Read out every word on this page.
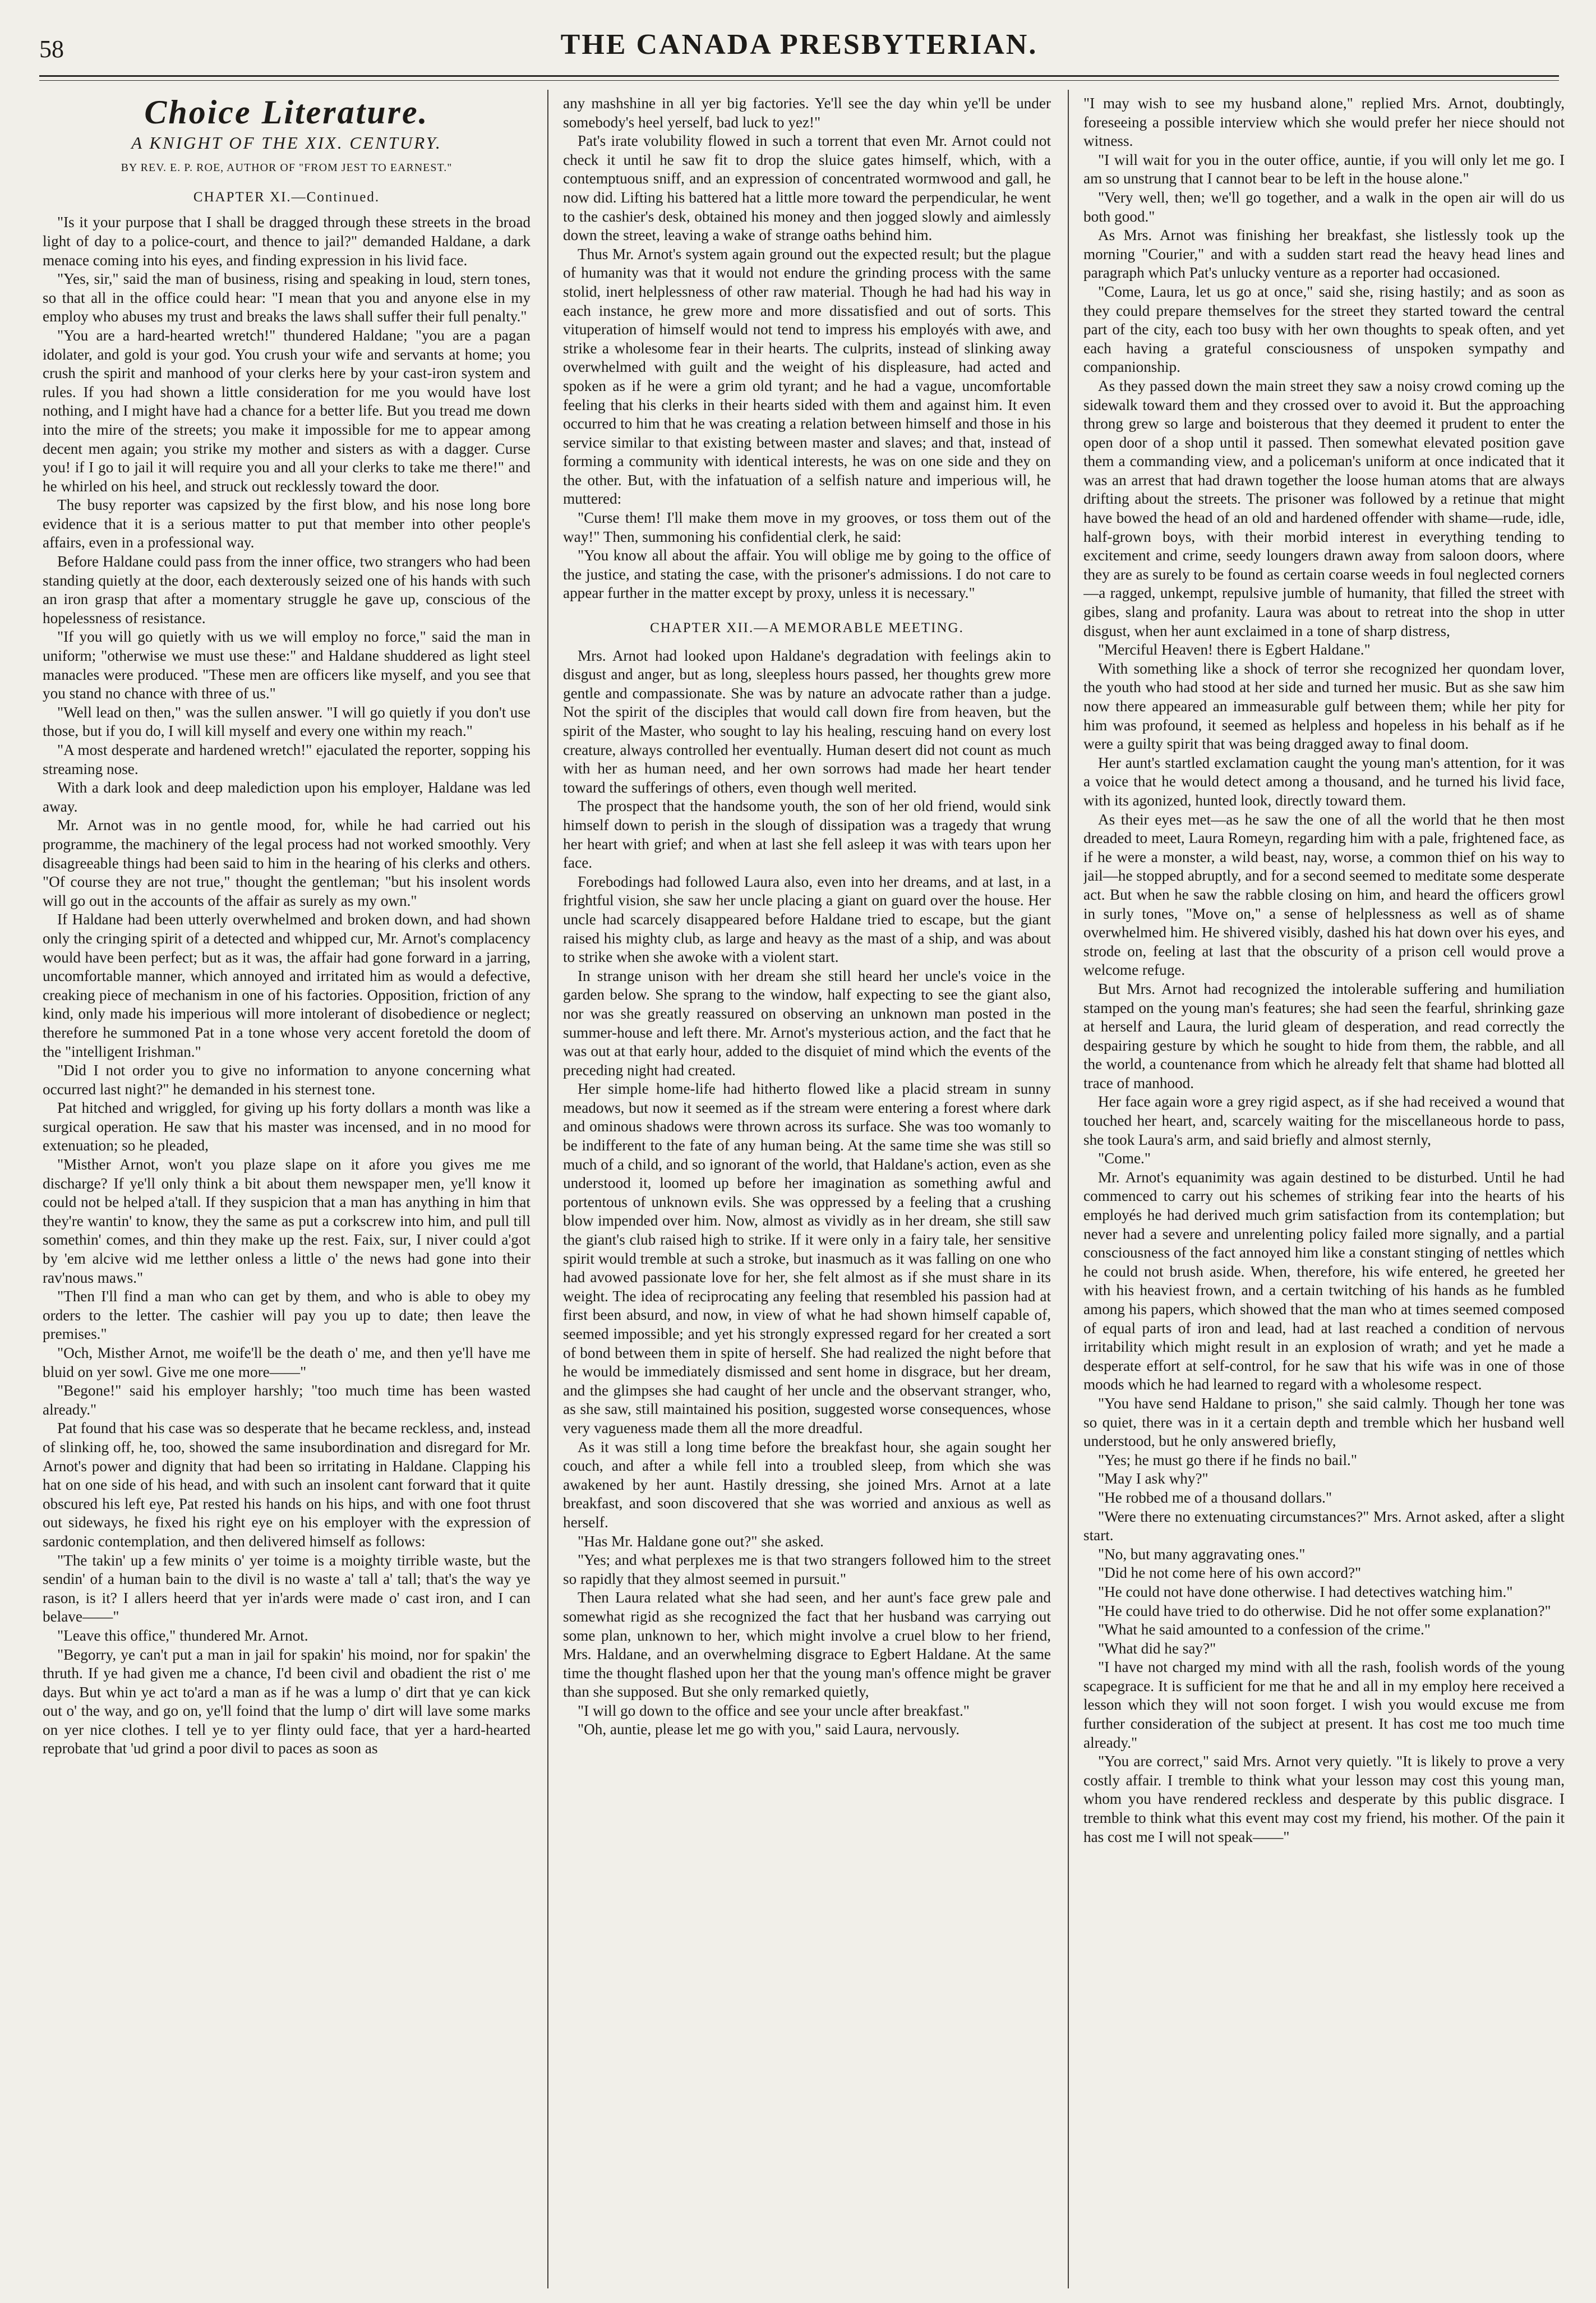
58	THE CANADA PRESBYTERIAN.
Choice Literature.
A KNIGHT OF THE XIX. CENTURY.
BY REV. E. P. ROE, AUTHOR OF "FROM JEST TO EARNEST."
CHAPTER XI.—Continued.

"Is it your purpose that I shall be dragged through these streets in the broad light of day to a police-court, and thence to jail?" demanded Haldane, a dark menace coming into his eyes, and finding expression in his livid face.

"Yes, sir," said the man of business, rising and speaking in loud, stern tones, so that all in the office could hear: "I mean that you and anyone else in my employ who abuses my trust and breaks the laws shall suffer their full penalty."

"You are a hard-hearted wretch!" thundered Haldane; "you are a pagan idolater, and gold is your god. You crush your wife and servants at home; you crush the spirit and manhood of your clerks here by your cast-iron system and rules. If you had shown a little consideration for me you would have lost nothing, and I might have had a chance for a better life. But you tread me down into the mire of the streets; you make it impossible for me to appear among decent men again; you strike my mother and sisters as with a dagger. Curse you! if I go to jail it will require you and all your clerks to take me there!" and he whirled on his heel, and struck out recklessly toward the door.

The busy reporter was capsized by the first blow, and his nose long bore evidence that it is a serious matter to put that member into other people's affairs, even in a professional way.

Before Haldane could pass from the inner office, two strangers who had been standing quietly at the door, each dexterously seized one of his hands with such an iron grasp that after a momentary struggle he gave up, conscious of the hopelessness of resistance.

"If you will go quietly with us we will employ no force," said the man in uniform; "otherwise we must use these:" and Haldane shuddered as light steel manacles were produced. "These men are officers like myself, and you see that you stand no chance with three of us."

"Well lead on then," was the sullen answer. "I will go quietly if you don't use those, but if you do, I will kill myself and every one within my reach."

"A most desperate and hardened wretch!" ejaculated the reporter, sopping his streaming nose.

With a dark look and deep malediction upon his employer, Haldane was led away.

Mr. Arnot was in no gentle mood, for, while he had carried out his programme, the machinery of the legal process had not worked smoothly. Very disagreeable things had been said to him in the hearing of his clerks and others. "Of course they are not true," thought the gentleman; "but his insolent words will go out in the accounts of the affair as surely as my own."

If Haldane had been utterly overwhelmed and broken down, and had shown only the cringing spirit of a detected and whipped cur, Mr. Arnot's complacency would have been perfect; but as it was, the affair had gone forward in a jarring, uncomfortable manner, which annoyed and irritated him as would a defective, creaking piece of mechanism in one of his factories. Opposition, friction of any kind, only made his imperious will more intolerant of disobedience or neglect; therefore he summoned Pat in a tone whose very accent foretold the doom of the "intelligent Irishman."

"Did I not order you to give no information to anyone concerning what occurred last night?" he demanded in his sternest tone.

Pat hitched and wriggled, for giving up his forty dollars a month was like a surgical operation. He saw that his master was incensed, and in no mood for extenuation; so he pleaded,

"Misther Arnot, won't you plaze slape on it afore you gives me me discharge? If ye'll only think a bit about them newspaper men, ye'll know it could not be helped a'tall. If they suspicion that a man has anything in him that they're wantin' to know, they the same as put a corkscrew into him, and pull till somethin' comes, and thin they make up the rest. Faix, sur, I niver could a'got by 'em alcive wid me letther onless a little o' the news had gone into their rav'nous maws."

"Then I'll find a man who can get by them, and who is able to obey my orders to the letter. The cashier will pay you up to date; then leave the premises."

"Och, Misther Arnot, me woife'll be the death o' me, and then ye'll have me bluid on yer sowl. Give me one more——"

"Begone!" said his employer harshly; "too much time has been wasted already."

Pat found that his case was so desperate that he became reckless, and, instead of slinking off, he, too, showed the same insubordination and disregard for Mr. Arnot's power and dignity that had been so irritating in Haldane. Clapping his hat on one side of his head, and with such an insolent cant forward that it quite obscured his left eye, Pat rested his hands on his hips, and with one foot thrust out sideways, he fixed his right eye on his employer with the expression of sardonic contemplation, and then delivered himself as follows:

"The takin' up a few minits o' yer toime is a moighty tirrible waste, but the sendin' of a human bain to the divil is no waste a' tall a' tall; that's the way ye rason, is it? I allers heerd that yer in'ards were made o' cast iron, and I can belave——"

"Leave this office," thundered Mr. Arnot.

"Begorry, ye can't put a man in jail for spakin' his moind, nor for spakin' the thruth. If ye had given me a chance, I'd been civil and obadient the rist o' me days. But whin ye act to'ard a man as if he was a lump o' dirt that ye can kick out o' the way, and go on, ye'll foind that the lump o' dirt will lave some marks on yer nice clothes. I tell ye to yer flinty ould face, that yer a hard-hearted reprobate that 'ud grind a poor divil to paces as soon as

any mashshine in all yer big factories. Ye'll see the day whin ye'll be under somebody's heel yerself, bad luck to yez!"

Pat's irate volubility flowed in such a torrent that even Mr. Arnot could not check it until he saw fit to drop the sluice gates himself, which, with a contemptuous sniff, and an expression of concentrated wormwood and gall, he now did. Lifting his battered hat a little more toward the perpendicular, he went to the cashier's desk, obtained his money and then jogged slowly and aimlessly down the street, leaving a wake of strange oaths behind him.

Thus Mr. Arnot's system again ground out the expected result; but the plague of humanity was that it would not endure the grinding process with the same stolid, inert helplessness of other raw material. Though he had had his way in each instance, he grew more and more dissatisfied and out of sorts. This vituperation of himself would not tend to impress his employés with awe, and strike a wholesome fear in their hearts. The culprits, instead of slinking away overwhelmed with guilt and the weight of his displeasure, had acted and spoken as if he were a grim old tyrant; and he had a vague, uncomfortable feeling that his clerks in their hearts sided with them and against him. It even occurred to him that he was creating a relation between himself and those in his service similar to that existing between master and slaves; and that, instead of forming a community with identical interests, he was on one side and they on the other. But, with the infatuation of a selfish nature and imperious will, he muttered:

"Curse them! I'll make them move in my grooves, or toss them out of the way!" Then, summoning his confidential clerk, he said:

"You know all about the affair. You will oblige me by going to the office of the justice, and stating the case, with the prisoner's admissions. I do not care to appear further in the matter except by proxy, unless it is necessary."

CHAPTER XII.—A MEMORABLE MEETING.

Mrs. Arnot had looked upon Haldane's degradation with feelings akin to disgust and anger, but as long, sleepless hours passed, her thoughts grew more gentle and compassionate. She was by nature an advocate rather than a judge. Not the spirit of the disciples that would call down fire from heaven, but the spirit of the Master, who sought to lay his healing, rescuing hand on every lost creature, always controlled her eventually. Human desert did not count as much with her as human need, and her own sorrows had made her heart tender toward the sufferings of others, even though well merited.

The prospect that the handsome youth, the son of her old friend, would sink himself down to perish in the slough of dissipation was a tragedy that wrung her heart with grief; and when at last she fell asleep it was with tears upon her face.

Forebodings had followed Laura also, even into her dreams, and at last, in a frightful vision, she saw her uncle placing a giant on guard over the house. Her uncle had scarcely disappeared before Haldane tried to escape, but the giant raised his mighty club, as large and heavy as the mast of a ship, and was about to strike when she awoke with a violent start.

In strange unison with her dream she still heard her uncle's voice in the garden below. She sprang to the window, half expecting to see the giant also, nor was she greatly reassured on observing an unknown man posted in the summer-house and left there. Mr. Arnot's mysterious action, and the fact that he was out at that early hour, added to the disquiet of mind which the events of the preceding night had created.

Her simple home-life had hitherto flowed like a placid stream in sunny meadows, but now it seemed as if the stream were entering a forest where dark and ominous shadows were thrown across its surface. She was too womanly to be indifferent to the fate of any human being. At the same time she was still so much of a child, and so ignorant of the world, that Haldane's action, even as she understood it, loomed up before her imagination as something awful and portentous of unknown evils. She was oppressed by a feeling that a crushing blow impended over him. Now, almost as vividly as in her dream, she still saw the giant's club raised high to strike. If it were only in a fairy tale, her sensitive spirit would tremble at such a stroke, but inasmuch as it was falling on one who had avowed passionate love for her, she felt almost as if she must share in its weight. The idea of reciprocating any feeling that resembled his passion had at first been absurd, and now, in view of what he had shown himself capable of, seemed impossible; and yet his strongly expressed regard for her created a sort of bond between them in spite of herself. She had realized the night before that he would be immediately dismissed and sent home in disgrace, but her dream, and the glimpses she had caught of her uncle and the observant stranger, who, as she saw, still maintained his position, suggested worse consequences, whose very vagueness made them all the more dreadful.

As it was still a long time before the breakfast hour, she again sought her couch, and after a while fell into a troubled sleep, from which she was awakened by her aunt. Hastily dressing, she joined Mrs. Arnot at a late breakfast, and soon discovered that she was worried and anxious as well as herself.

"Has Mr. Haldane gone out?" she asked.

"Yes; and what perplexes me is that two strangers followed him to the street so rapidly that they almost seemed in pursuit."

Then Laura related what she had seen, and her aunt's face grew pale and somewhat rigid as she recognized the fact that her husband was carrying out some plan, unknown to her, which might involve a cruel blow to her friend, Mrs. Haldane, and an overwhelming disgrace to Egbert Haldane. At the same time the thought flashed upon her that the young man's offence might be graver than she supposed. But she only remarked quietly,

"I will go down to the office and see your uncle after breakfast."

"Oh, auntie, please let me go with you," said Laura, nervously.

"I may wish to see my husband alone," replied Mrs. Arnot, doubtingly, foreseeing a possible interview which she would prefer her niece should not witness.

"I will wait for you in the outer office, auntie, if you will only let me go. I am so unstrung that I cannot bear to be left in the house alone."

"Very well, then; we'll go together, and a walk in the open air will do us both good."

As Mrs. Arnot was finishing her breakfast, she listlessly took up the morning "Courier," and with a sudden start read the heavy head lines and paragraph which Pat's unlucky venture as a reporter had occasioned.

"Come, Laura, let us go at once," said she, rising hastily; and as soon as they could prepare themselves for the street they started toward the central part of the city, each too busy with her own thoughts to speak often, and yet each having a grateful consciousness of unspoken sympathy and companionship.

As they passed down the main street they saw a noisy crowd coming up the sidewalk toward them and they crossed over to avoid it. But the approaching throng grew so large and boisterous that they deemed it prudent to enter the open door of a shop until it passed. Then somewhat elevated position gave them a commanding view, and a policeman's uniform at once indicated that it was an arrest that had drawn together the loose human atoms that are always drifting about the streets. The prisoner was followed by a retinue that might have bowed the head of an old and hardened offender with shame—rude, idle, half-grown boys, with their morbid interest in everything tending to excitement and crime, seedy loungers drawn away from saloon doors, where they are as surely to be found as certain coarse weeds in foul neglected corners—a ragged, unkempt, repulsive jumble of humanity, that filled the street with gibes, slang and profanity. Laura was about to retreat into the shop in utter disgust, when her aunt exclaimed in a tone of sharp distress,

"Merciful Heaven! there is Egbert Haldane."

With something like a shock of terror she recognized her quondam lover, the youth who had stood at her side and turned her music. But as she saw him now there appeared an immeasurable gulf between them; while her pity for him was profound, it seemed as helpless and hopeless in his behalf as if he were a guilty spirit that was being dragged away to final doom.

Her aunt's startled exclamation caught the young man's attention, for it was a voice that he would detect among a thousand, and he turned his livid face, with its agonized, hunted look, directly toward them.

As their eyes met—as he saw the one of all the world that he then most dreaded to meet, Laura Romeyn, regarding him with a pale, frightened face, as if he were a monster, a wild beast, nay, worse, a common thief on his way to jail—he stopped abruptly, and for a second seemed to meditate some desperate act. But when he saw the rabble closing on him, and heard the officers growl in surly tones, "Move on," a sense of helplessness as well as of shame overwhelmed him. He shivered visibly, dashed his hat down over his eyes, and strode on, feeling at last that the obscurity of a prison cell would prove a welcome refuge.

But Mrs. Arnot had recognized the intolerable suffering and humiliation stamped on the young man's features; she had seen the fearful, shrinking gaze at herself and Laura, the lurid gleam of desperation, and read correctly the despairing gesture by which he sought to hide from them, the rabble, and all the world, a countenance from which he already felt that shame had blotted all trace of manhood.

Her face again wore a grey rigid aspect, as if she had received a wound that touched her heart, and, scarcely waiting for the miscellaneous horde to pass, she took Laura's arm, and said briefly and almost sternly,

"Come."

Mr. Arnot's equanimity was again destined to be disturbed. Until he had commenced to carry out his schemes of striking fear into the hearts of his employés he had derived much grim satisfaction from its contemplation; but never had a severe and unrelenting policy failed more signally, and a partial consciousness of the fact annoyed him like a constant stinging of nettles which he could not brush aside. When, therefore, his wife entered, he greeted her with his heaviest frown, and a certain twitching of his hands as he fumbled among his papers, which showed that the man who at times seemed composed of equal parts of iron and lead, had at last reached a condition of nervous irritability which might result in an explosion of wrath; and yet he made a desperate effort at self-control, for he saw that his wife was in one of those moods which he had learned to regard with a wholesome respect.

"You have send Haldane to prison," she said calmly. Though her tone was so quiet, there was in it a certain depth and tremble which her husband well understood, but he only answered briefly,

"Yes; he must go there if he finds no bail."

"May I ask why?"

"He robbed me of a thousand dollars."

"Were there no extenuating circumstances?" Mrs. Arnot asked, after a slight start.

"No, but many aggravating ones."

"Did he not come here of his own accord?"

"He could not have done otherwise. I had detectives watching him."

"He could have tried to do otherwise. Did he not offer some explanation?"

"What he said amounted to a confession of the crime."

"What did he say?"

"I have not charged my mind with all the rash, foolish words of the young scapegrace. It is sufficient for me that he and all in my employ here received a lesson which they will not soon forget. I wish you would excuse me from further consideration of the subject at present. It has cost me too much time already."

"You are correct," said Mrs. Arnot very quietly. "It is likely to prove a very costly affair. I tremble to think what your lesson may cost this young man, whom you have rendered reckless and desperate by this public disgrace. I tremble to think what this event may cost my friend, his mother. Of the pain it has cost me I will not speak——"
